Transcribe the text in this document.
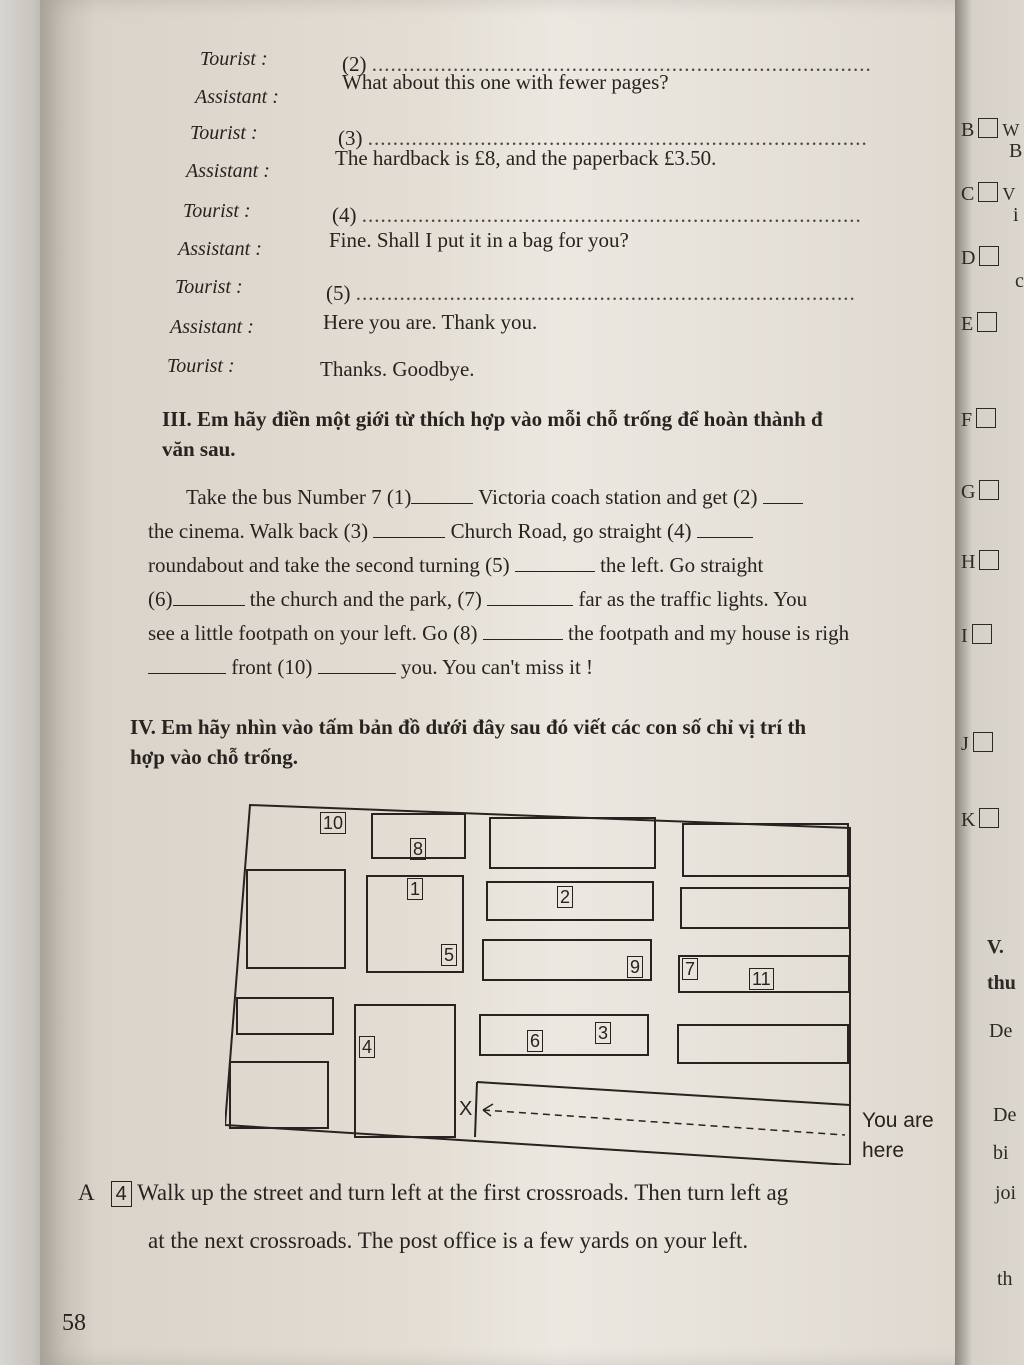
Tourist :	(2) ................................................................................
Assistant :
What about this one with fewer pages?
Tourist :	(3) ................................................................................
Assistant :
The hardback is £8, and the paperback £3.50.
Tourist :	(4) ................................................................................
Assistant :	Fine. Shall I put it in a bag for you?
Tourist :	(5) ................................................................................
Assistant :	Here you are. Thank you.
Tourist :	Thanks. Goodbye.
III. Em hãy điền một giới từ thích hợp vào mỗi chỗ trống để hoàn thành đ
văn sau.
Take the bus Number 7 (1)	Victoria coach station and get (2)
the cinema. Walk back (3)	Church Road, go straight (4)
roundabout and take the second turning (5)	the left. Go straight
(6)	the church and the park, (7)	far as the traffic lights. You
see a little footpath on your left. Go (8)	the footpath and my house is righ
front (10)	you. You can't miss it !
IV. Em hãy nhìn vào tấm bản đồ dưới đây sau đó viết các con số chỉ vị trí th
hợp vào chỗ trống.
10
8
1	2
5
9 7	11
4	6	3
X	You are
here
A 4 Walk up the street and turn left at the first crossroads. Then turn left ag
at the next crossroads. The post office is a few yards on your left.
58
B W
C V
D
E
F
G
H
I
J
K
B
i
c
V.
thu
De
De
bi
joi
th
